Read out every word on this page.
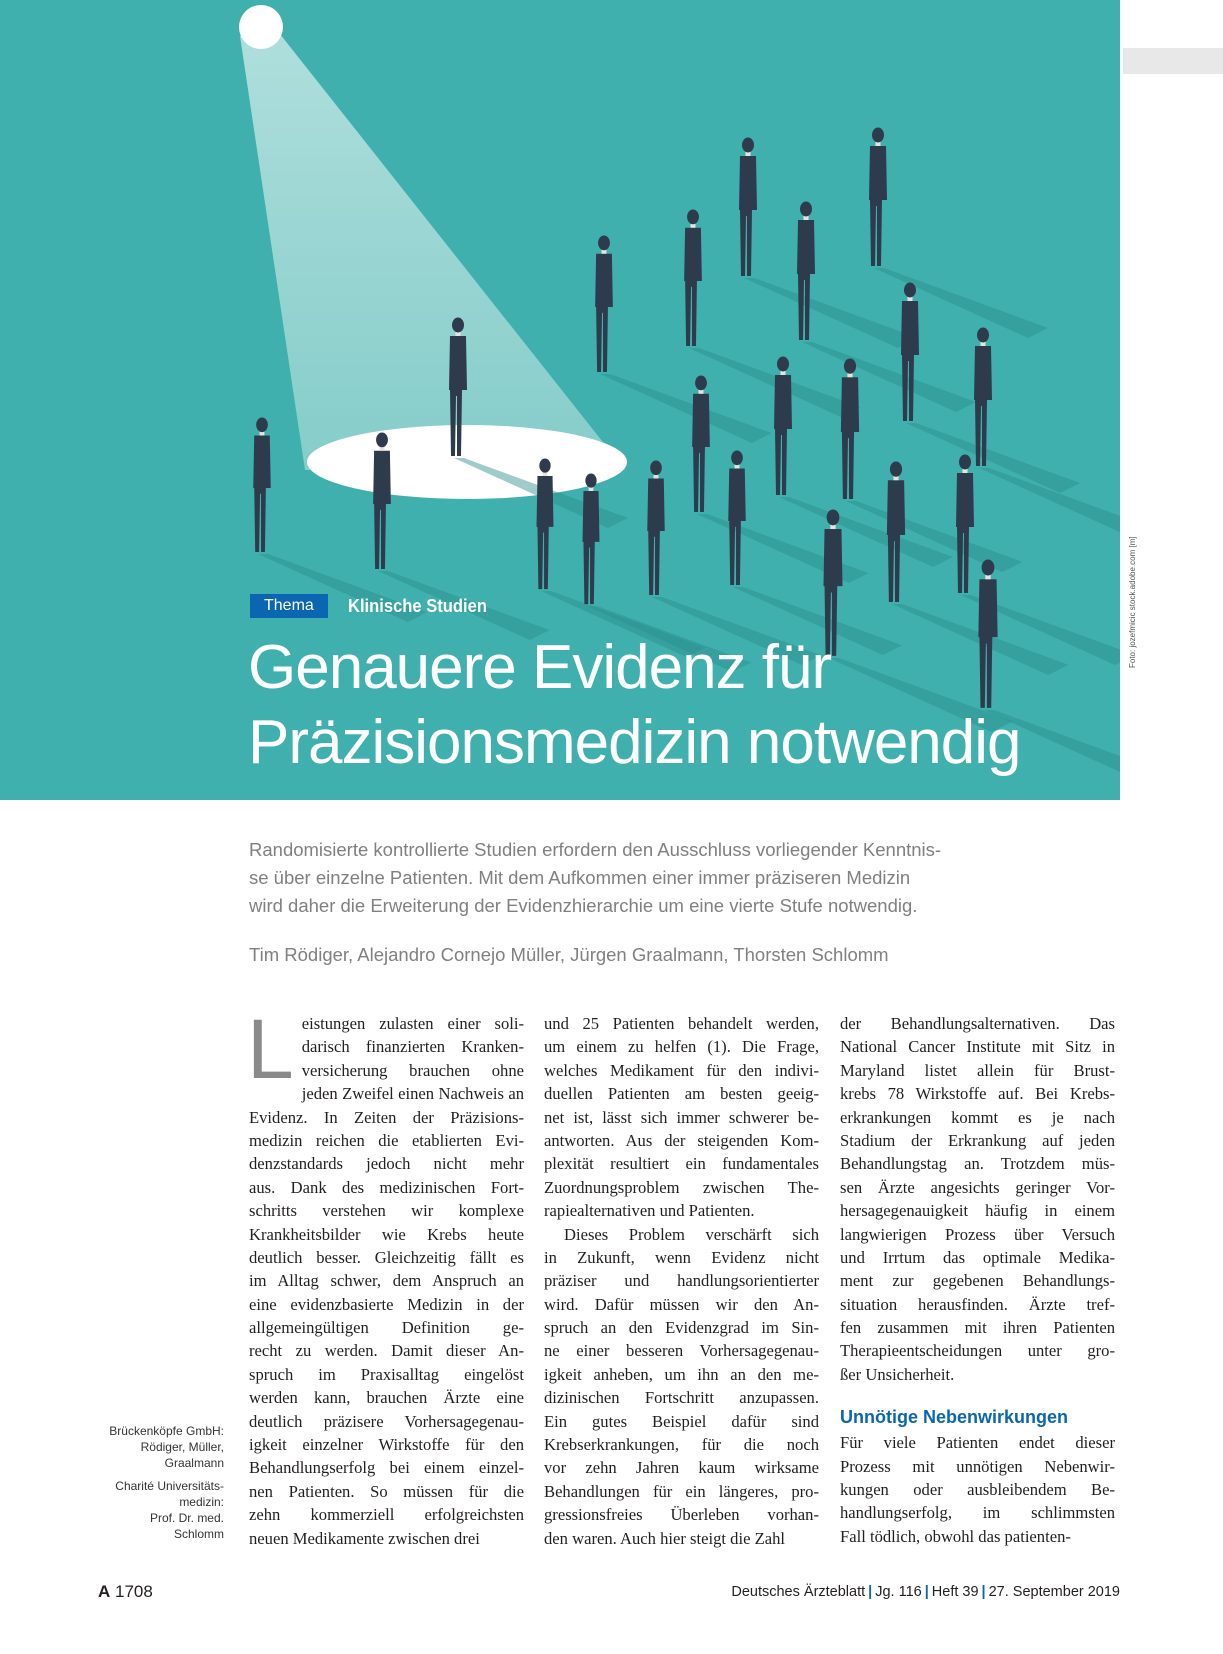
Foto: jozefmicic stock.adobe.com [m]
Thema	Klinische Studien
Genauere Evidenz für
Präzisionsmedizin notwendig
Randomisierte kontrollierte Studien erfordern den Ausschluss vorliegender Kenntnis-
se über einzelne Patienten. Mit dem Aufkommen einer immer präziseren Medizin
wird daher die Erweiterung der Evidenzhierarchie um eine vierte Stufe notwendig.
Tim Rödiger, Alejandro Cornejo Müller, Jürgen Graalmann, Thorsten Schlomm
Brückenköpfe GmbH:
Rödiger, Müller,
Graalmann
Charité Universitäts-
medizin:
Prof. Dr. med.
Schlomm

L eistungen zulasten einer soli-
darisch finanzierten Kranken-
versicherung brauchen ohne
jeden Zweifel einen Nachweis an
Evidenz. In Zeiten der Präzisions-
medizin reichen die etablierten Evi-
denzstandards jedoch nicht mehr
aus. Dank des medizinischen Fort-
schritts verstehen wir komplexe
Krankheitsbilder wie Krebs heute
deutlich besser. Gleichzeitig fällt es
im Alltag schwer, dem Anspruch an
eine evidenzbasierte Medizin in der
allgemeingültigen Definition ge-
recht zu werden. Damit dieser An-
spruch im Praxisalltag eingelöst
werden kann, brauchen Ärzte eine
deutlich präzisere Vorhersagegenau-
igkeit einzelner Wirkstoffe für den
Behandlungserfolg bei einem einzel-
nen Patienten. So müssen für die
zehn kommerziell erfolgreichsten
neuen Medikamente zwischen drei

und 25 Patienten behandelt werden,
um einem zu helfen (1). Die Frage,
welches Medikament für den indivi-
duellen Patienten am besten geeig-
net ist, lässt sich immer schwerer be-
antworten. Aus der steigenden Kom-
plexität resultiert ein fundamentales
Zuordnungsproblem zwischen The-
rapiealternativen und Patienten.

Dieses Problem verschärft sich
in Zukunft, wenn Evidenz nicht
präziser und handlungsorientierter
wird. Dafür müssen wir den An-
spruch an den Evidenzgrad im Sin-
ne einer besseren Vorhersagegenau-
igkeit anheben, um ihn an den me-
dizinischen Fortschritt anzupassen.
Ein gutes Beispiel dafür sind
Krebserkrankungen, für die noch
vor zehn Jahren kaum wirksame
Behandlungen für ein längeres, pro-
gressionsfreies Überleben vorhan-
den waren. Auch hier steigt die Zahl

der Behandlungsalternativen. Das
National Cancer Institute mit Sitz in
Maryland listet allein für Brust-
krebs 78 Wirkstoffe auf. Bei Krebs-
erkrankungen kommt es je nach
Stadium der Erkrankung auf jeden
Behandlungstag an. Trotzdem müs-
sen Ärzte angesichts geringer Vor-
hersagegenauigkeit häufig in einem
langwierigen Prozess über Versuch
und Irrtum das optimale Medika-
ment zur gegebenen Behandlungs-
situation herausfinden. Ärzte tref-
fen zusammen mit ihren Patienten
Therapieentscheidungen unter gro-
ßer Unsicherheit.

Unnötige Nebenwirkungen

Für viele Patienten endet dieser
Prozess mit unnötigen Nebenwir-
kungen oder ausbleibendem Be-
handlungserfolg, im schlimmsten
Fall tödlich, obwohl das patienten-

A 1708	Deutsches Ärzteblatt | Jg. 116 | Heft 39 | 27. September 2019
